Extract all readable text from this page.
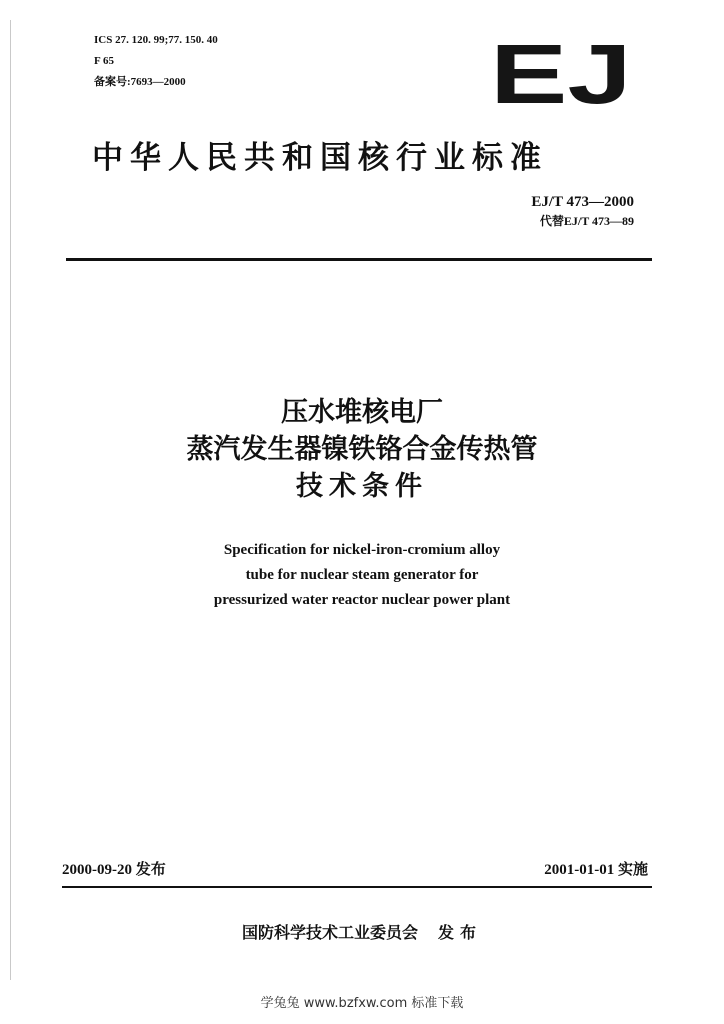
ICS 27. 120. 99;77. 150. 40
F 65
备案号:7693—2000	EJ
中华人民共和国核行业标准
EJ/T 473—2000
代替EJ/T 473—89
压水堆核电厂
蒸汽发生器镍铁铬合金传热管
技术条件
Specification for nickel-iron-cromium alloy
tube for nuclear steam generator for
pressurized water reactor nuclear power plant
2000-09-20 发布	2001-01-01 实施
国防科学技术工业委员会 发布
学兔兔 www.bzfxw.com 标准下载
